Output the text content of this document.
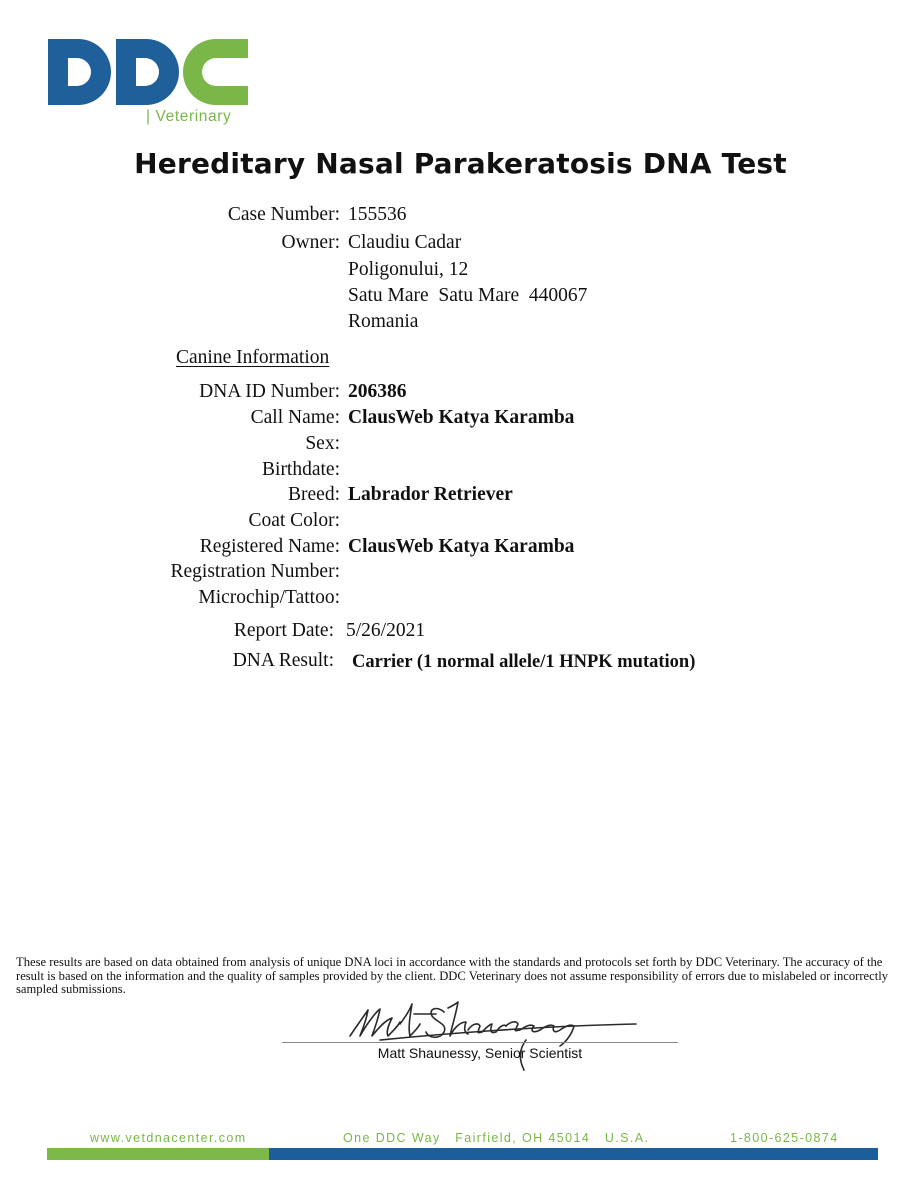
| Veterinary
Hereditary Nasal Parakeratosis DNA Test
Case Number: 155536
Owner: Claudiu Cadar
Poligonului, 12
Satu Mare  Satu Mare  440067
Romania
Canine Information
DNA ID Number: 206386
Call Name: ClausWeb Katya Karamba
Sex:
Birthdate:
Breed: Labrador Retriever
Coat Color:
Registered Name: ClausWeb Katya Karamba
Registration Number:
Microchip/Tattoo:
Report Date: 5/26/2021
DNA Result: Carrier (1 normal allele/1 HNPK mutation)
These results are based on data obtained from analysis of unique DNA loci in accordance with the standards and protocols set forth by DDC Veterinary. The accuracy of the result is based on the information and the quality of samples provided by the client. DDC Veterinary does not assume responsibility of errors due to mislabeled or incorrectly sampled submissions.
Matt Shaunessy, Senior Scientist
www.vetdnacenter.com	One DDC Way   Fairfield, OH 45014   U.S.A.	1-800-625-0874
